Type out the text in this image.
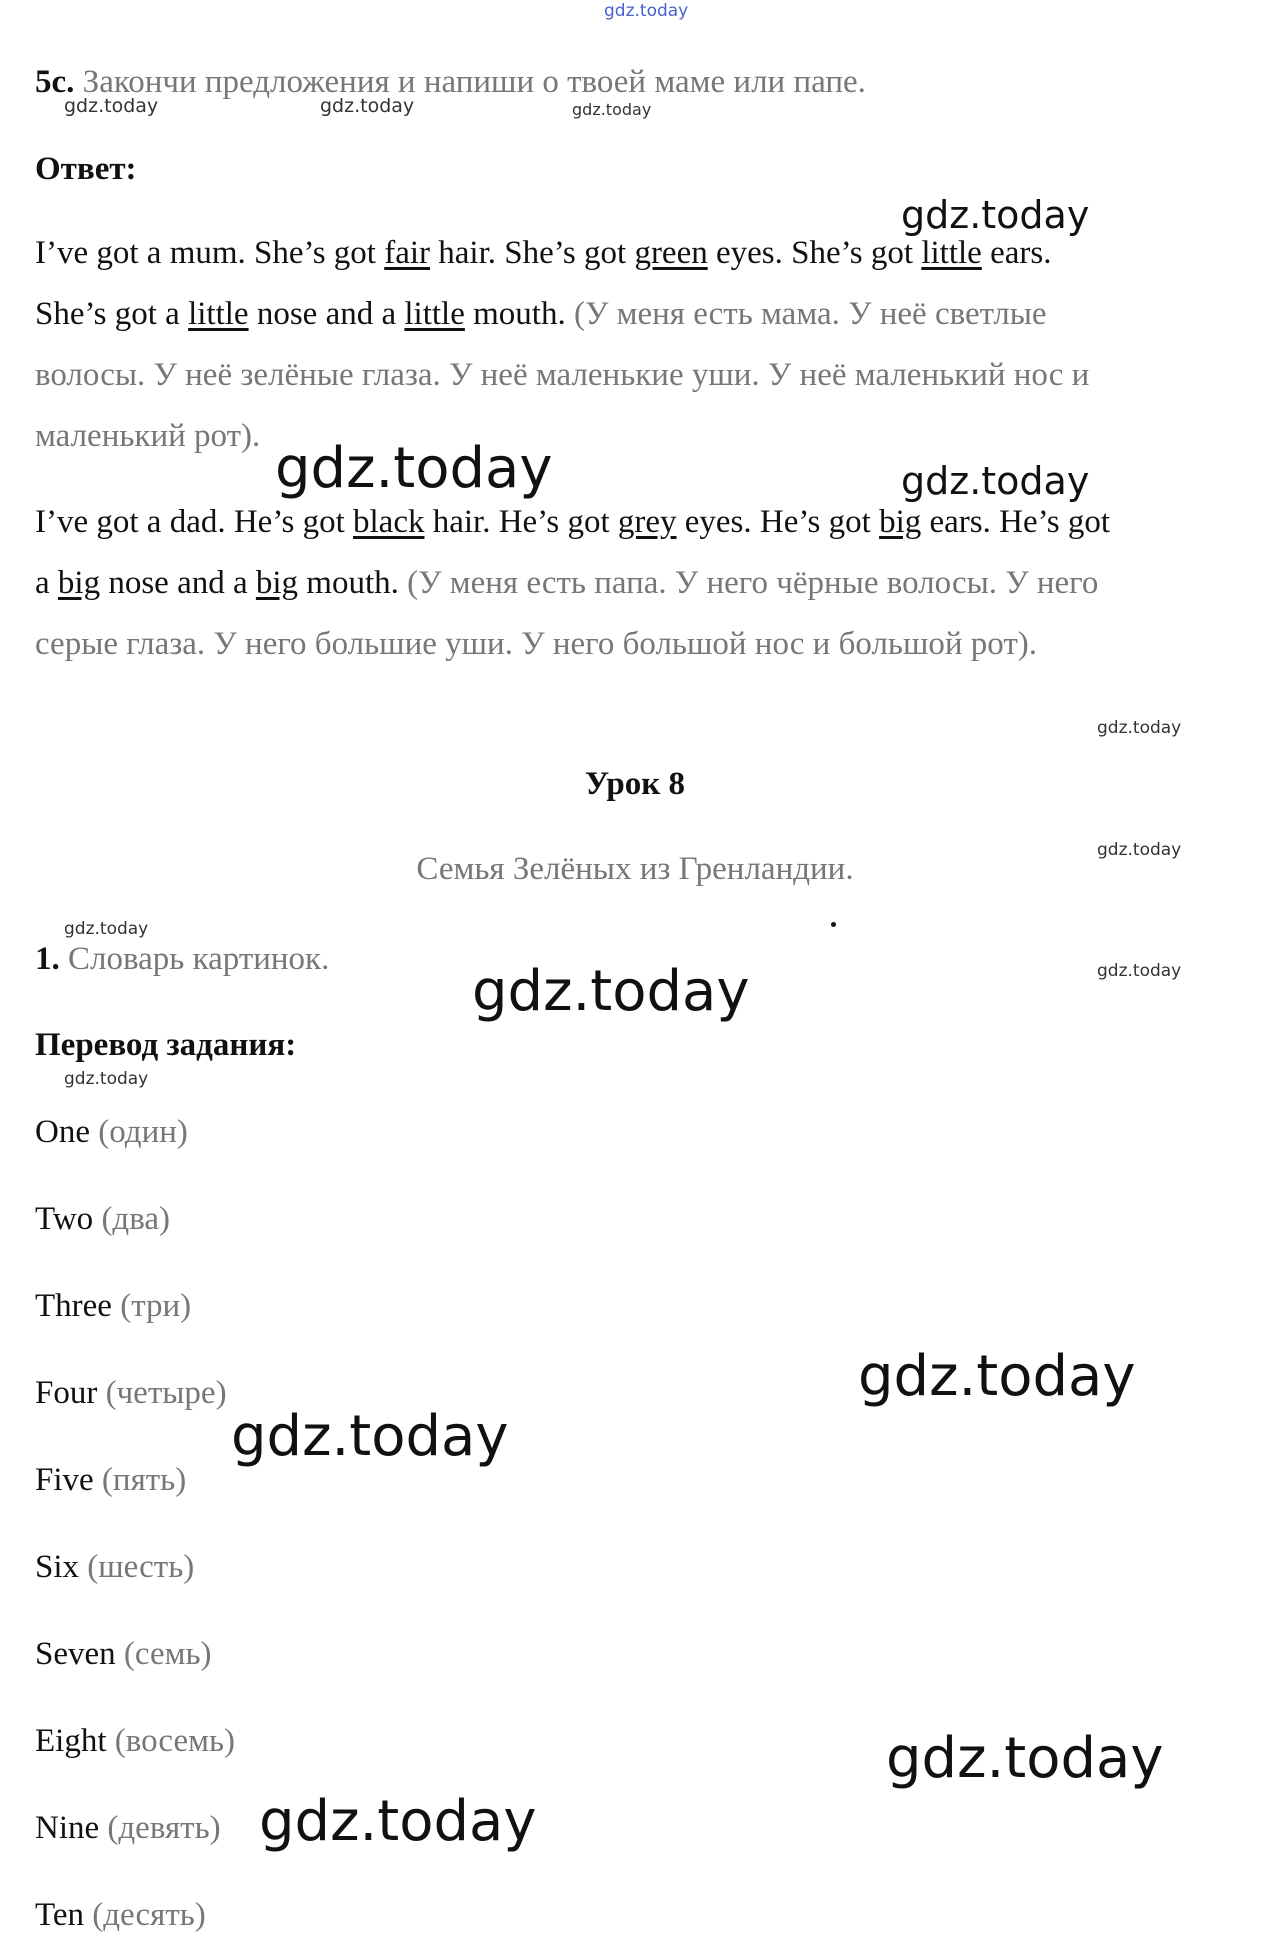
5c. Закончи предложения и напиши о твоей маме или папе.
Ответ:
I’ve got a mum. She’s got fair hair. She’s got green eyes. She’s got little ears.
She’s got a little nose and a little mouth. (У меня есть мама. У неё светлые
волосы. У неё зелёные глаза. У неё маленькие уши. У неё маленький нос и
маленький рот).
I’ve got a dad. He’s got black hair. He’s got grey eyes. He’s got big ears. He’s got
a big nose and a big mouth. (У меня есть папа. У него чёрные волосы. У него
серые глаза. У него большие уши. У него большой нос и большой рот).
Урок 8
Семья Зелёных из Гренландии.
1. Словарь картинок.
Перевод задания:
One (один)
Two (два)
Three (три)
Four (четыре)
Five (пять)
Six (шесть)
Seven (семь)
Eight (восемь)
Nine (девять)
Ten (десять)
gdz.today
gdz.today	gdz.today	gdz.today
gdz.today
gdz.today	gdz.today
gdz.today
gdz.today
gdz.today
gdz.today
gdz.today
gdz.today
gdz.today
gdz.today
gdz.today
gdz.today
